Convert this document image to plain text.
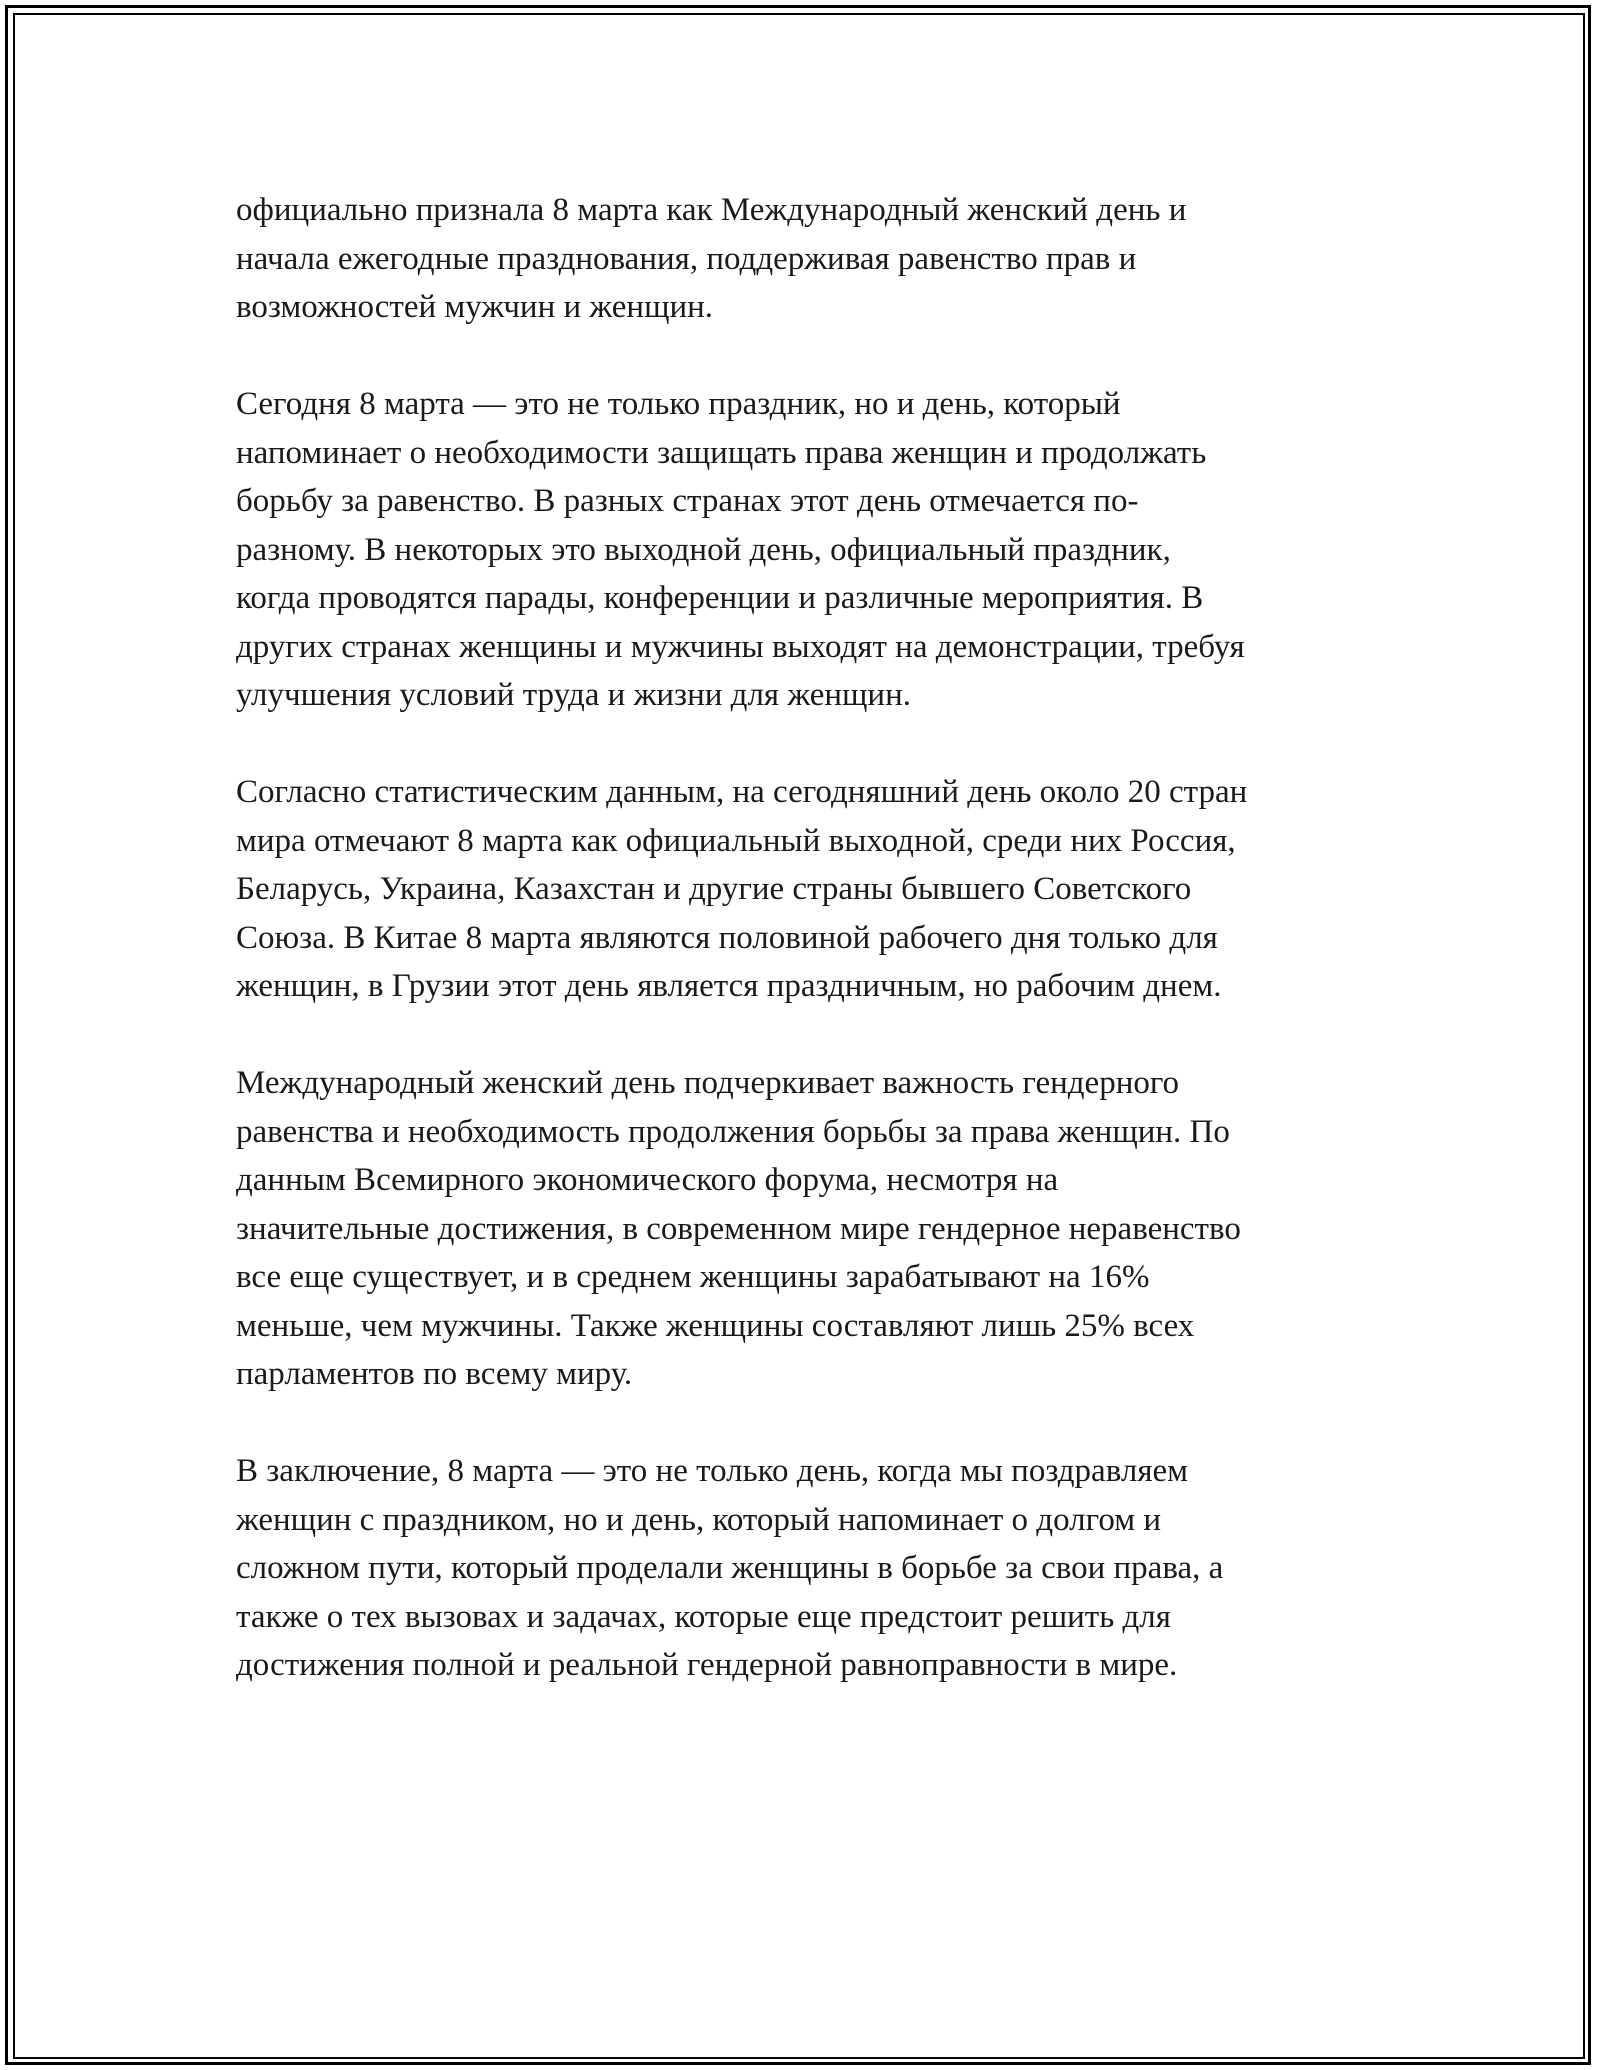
официально признала 8 марта как Международный женский день и
начала ежегодные празднования, поддерживая равенство прав и
возможностей мужчин и женщин.

Сегодня 8 марта — это не только праздник, но и день, который
напоминает о необходимости защищать права женщин и продолжать
борьбу за равенство. В разных странах этот день отмечается по-
разному. В некоторых это выходной день, официальный праздник,
когда проводятся парады, конференции и различные мероприятия. В
других странах женщины и мужчины выходят на демонстрации, требуя
улучшения условий труда и жизни для женщин.

Согласно статистическим данным, на сегодняшний день около 20 стран
мира отмечают 8 марта как официальный выходной, среди них Россия,
Беларусь, Украина, Казахстан и другие страны бывшего Советского
Союза. В Китае 8 марта являются половиной рабочего дня только для
женщин, в Грузии этот день является праздничным, но рабочим днем.

Международный женский день подчеркивает важность гендерного
равенства и необходимость продолжения борьбы за права женщин. По
данным Всемирного экономического форума, несмотря на
значительные достижения, в современном мире гендерное неравенство
все еще существует, и в среднем женщины зарабатывают на 16%
меньше, чем мужчины. Также женщины составляют лишь 25% всех
парламентов по всему миру.

В заключение, 8 марта — это не только день, когда мы поздравляем
женщин с праздником, но и день, который напоминает о долгом и
сложном пути, который проделали женщины в борьбе за свои права, а
также о тех вызовах и задачах, которые еще предстоит решить для
достижения полной и реальной гендерной равноправности в мире.
